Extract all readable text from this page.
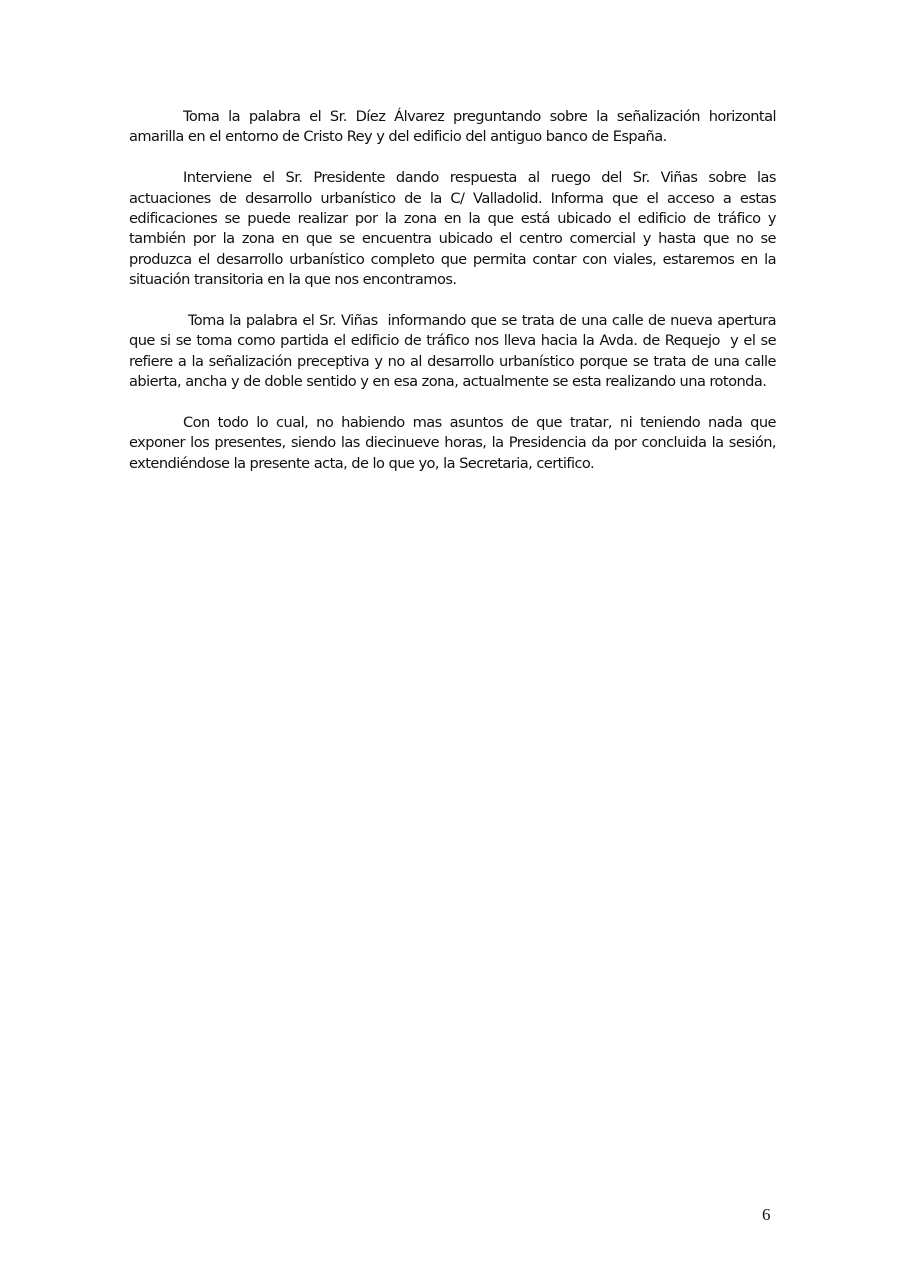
Toma la palabra el Sr. Díez Álvarez preguntando sobre la señalización horizontal amarilla en el entorno de Cristo Rey y del edificio del antiguo banco de España.

Interviene el Sr. Presidente dando respuesta al ruego del Sr. Viñas sobre las actuaciones de desarrollo urbanístico de la C/ Valladolid. Informa que el acceso a estas edificaciones se puede realizar por la zona en la que está ubicado el edificio de tráfico y también por la zona en que se encuentra ubicado el centro comercial y hasta que no se produzca el desarrollo urbanístico completo que permita contar con viales, estaremos en la situación transitoria en la que nos encontramos.

Toma la palabra el Sr. Viñas  informando que se trata de una calle de nueva apertura que si se toma como partida el edificio de tráfico nos lleva hacia la Avda. de Requejo  y el se refiere a la señalización preceptiva y no al desarrollo urbanístico porque se trata de una calle abierta, ancha y de doble sentido y en esa zona, actualmente se esta realizando una rotonda.

Con todo lo cual, no habiendo mas asuntos de que tratar, ni teniendo nada que exponer los presentes, siendo las diecinueve horas, la Presidencia da por concluida la sesión, extendiéndose la presente acta, de lo que yo, la Secretaria, certifico.

6
